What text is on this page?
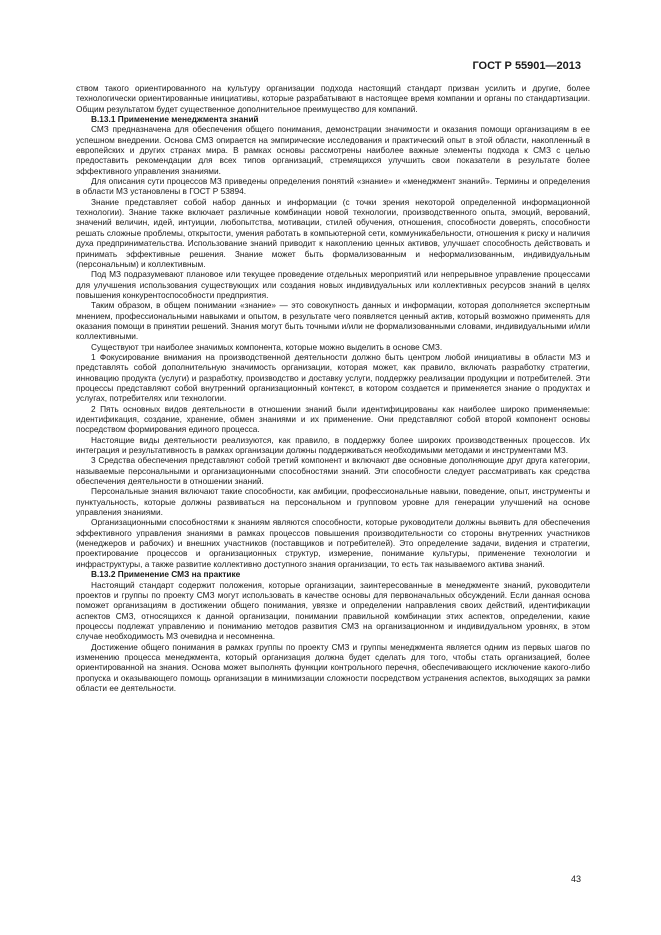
ГОСТ Р 55901—2013

ством такого ориентированного на культуру организации подхода настоящий стандарт призван усилить и другие, более технологически ориентированные инициативы, которые разрабатывают в настоящее время компании и органы по стандартизации. Общим результатом будет существенное дополнительное преимущество для компаний.

B.13.1 Применение менеджмента знаний

СМЗ предназначена для обеспечения общего понимания, демонстрации значимости и оказания помощи организациям в ее успешном внедрении. Основа СМЗ опирается на эмпирические исследования и практический опыт в этой области, накопленный в европейских и других странах мира. В рамках основы рассмотрены наиболее важные элементы подхода к СМЗ с целью предоставить рекомендации для всех типов организаций, стремящихся улучшить свои показатели в результате более эффективного управления знаниями.

Для описания сути процессов МЗ приведены определения понятий «знание» и «менеджмент знаний». Термины и определения в области МЗ установлены в ГОСТ Р 53894.

Знание представляет собой набор данных и информации (с точки зрения некоторой определенной информационной технологии). Знание также включает различные комбинации новой технологии, производственного опыта, эмоций, верований, значений величин, идей, интуиции, любопытства, мотивации, стилей обучения, отношения, способности доверять, способности решать сложные проблемы, открытости, умения работать в компьютерной сети, коммуникабельности, отношения к риску и наличия духа предпринимательства. Использование знаний приводит к накоплению ценных активов, улучшает способность действовать и принимать эффективные решения. Знание может быть формализованным и неформализованным, индивидуальным (персональным) и коллективным.

Под МЗ подразумевают плановое или текущее проведение отдельных мероприятий или непрерывное управление процессами для улучшения использования существующих или создания новых индивидуальных или коллективных ресурсов знаний в целях повышения конкурентоспособности предприятия.

Таким образом, в общем понимании «знание» — это совокупность данных и информации, которая дополняется экспертным мнением, профессиональными навыками и опытом, в результате чего появляется ценный актив, который возможно применять для оказания помощи в принятии решений. Знания могут быть точными и/или не формализованными словами, индивидуальными и/или коллективными.

Существуют три наиболее значимых компонента, которые можно выделить в основе СМЗ.

1 Фокусирование внимания на производственной деятельности должно быть центром любой инициативы в области МЗ и представлять собой дополнительную значимость организации, которая может, как правило, включать разработку стратегии, инновацию продукта (услуги) и разработку, производство и доставку услуги, поддержку реализации продукции и потребителей. Эти процессы представляют собой внутренний организационный контекст, в котором создается и применяется знание о продуктах и услугах, потребителях или технологии.

2 Пять основных видов деятельности в отношении знаний были идентифицированы как наиболее широко применяемые: идентификация, создание, хранение, обмен знаниями и их применение. Они представляют собой второй компонент основы посредством формирования единого процесса.

Настоящие виды деятельности реализуются, как правило, в поддержку более широких производственных процессов. Их интеграция и результативность в рамках организации должны поддерживаться необходимыми методами и инструментами МЗ.

3 Средства обеспечения представляют собой третий компонент и включают две основные дополняющие друг друга категории, называемые персональными и организационными способностями знаний. Эти способности следует рассматривать как средства обеспечения деятельности в отношении знаний.

Персональные знания включают такие способности, как амбиции, профессиональные навыки, поведение, опыт, инструменты и пунктуальность, которые должны развиваться на персональном и групповом уровне для генерации улучшений на основе управления знаниями.

Организационными способностями к знаниям являются способности, которые руководители должны выявить для обеспечения эффективного управления знаниями в рамках процессов повышения производительности со стороны внутренних участников (менеджеров и рабочих) и внешних участников (поставщиков и потребителей). Это определение задачи, видения и стратегии, проектирование процессов и организационных структур, измерение, понимание культуры, применение технологии и инфраструктуры, а также развитие коллективно доступного знания организации, то есть так называемого актива знаний.

B.13.2 Применение СМЗ на практике

Настоящий стандарт содержит положения, которые организации, заинтересованные в менеджменте знаний, руководители проектов и группы по проекту СМЗ могут использовать в качестве основы для первоначальных обсуждений. Если данная основа поможет организациям в достижении общего понимания, увязке и определении направления своих действий, идентификации аспектов СМЗ, относящихся к данной организации, понимании правильной комбинации этих аспектов, определении, какие процессы подлежат управлению и пониманию методов развития СМЗ на организационном и индивидуальном уровнях, в этом случае необходимость МЗ очевидна и несомненна.

Достижение общего понимания в рамках группы по проекту СМЗ и группы менеджмента является одним из первых шагов по изменению процесса менеджмента, который организация должна будет сделать для того, чтобы стать организацией, более ориентированной на знания. Основа может выполнять функции контрольного перечня, обеспечивающего исключение какого-либо пропуска и оказывающего помощь организации в минимизации сложности посредством устранения аспектов, выходящих за рамки области ее деятельности.

43
